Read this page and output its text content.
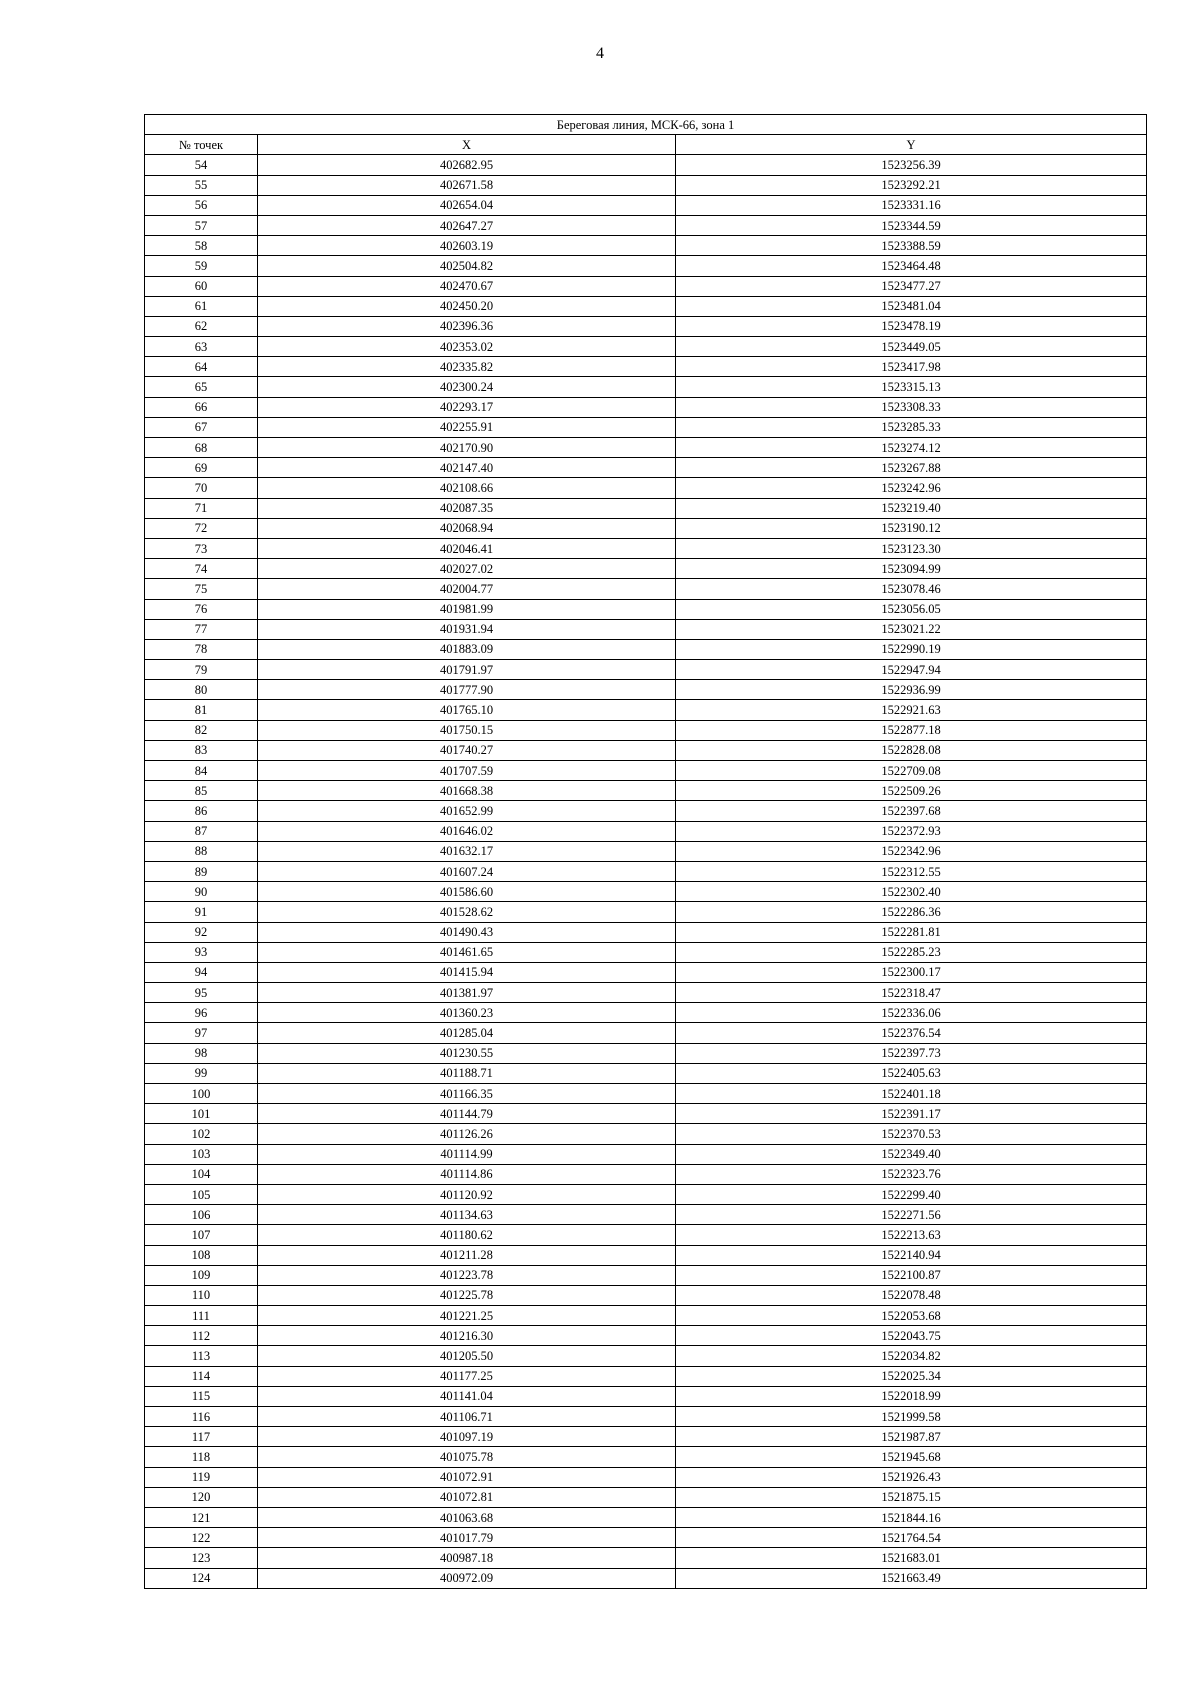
4
Береговая линия, МСК-66, зона 1		
№ точек	X	Y
54	402682.95	1523256.39
55	402671.58	1523292.21
56	402654.04	1523331.16
57	402647.27	1523344.59
58	402603.19	1523388.59
59	402504.82	1523464.48
60	402470.67	1523477.27
61	402450.20	1523481.04
62	402396.36	1523478.19
63	402353.02	1523449.05
64	402335.82	1523417.98
65	402300.24	1523315.13
66	402293.17	1523308.33
67	402255.91	1523285.33
68	402170.90	1523274.12
69	402147.40	1523267.88
70	402108.66	1523242.96
71	402087.35	1523219.40
72	402068.94	1523190.12
73	402046.41	1523123.30
74	402027.02	1523094.99
75	402004.77	1523078.46
76	401981.99	1523056.05
77	401931.94	1523021.22
78	401883.09	1522990.19
79	401791.97	1522947.94
80	401777.90	1522936.99
81	401765.10	1522921.63
82	401750.15	1522877.18
83	401740.27	1522828.08
84	401707.59	1522709.08
85	401668.38	1522509.26
86	401652.99	1522397.68
87	401646.02	1522372.93
88	401632.17	1522342.96
89	401607.24	1522312.55
90	401586.60	1522302.40
91	401528.62	1522286.36
92	401490.43	1522281.81
93	401461.65	1522285.23
94	401415.94	1522300.17
95	401381.97	1522318.47
96	401360.23	1522336.06
97	401285.04	1522376.54
98	401230.55	1522397.73
99	401188.71	1522405.63
100	401166.35	1522401.18
101	401144.79	1522391.17
102	401126.26	1522370.53
103	401114.99	1522349.40
104	401114.86	1522323.76
105	401120.92	1522299.40
106	401134.63	1522271.56
107	401180.62	1522213.63
108	401211.28	1522140.94
109	401223.78	1522100.87
110	401225.78	1522078.48
111	401221.25	1522053.68
112	401216.30	1522043.75
113	401205.50	1522034.82
114	401177.25	1522025.34
115	401141.04	1522018.99
116	401106.71	1521999.58
117	401097.19	1521987.87
118	401075.78	1521945.68
119	401072.91	1521926.43
120	401072.81	1521875.15
121	401063.68	1521844.16
122	401017.79	1521764.54
123	400987.18	1521683.01
124	400972.09	1521663.49
